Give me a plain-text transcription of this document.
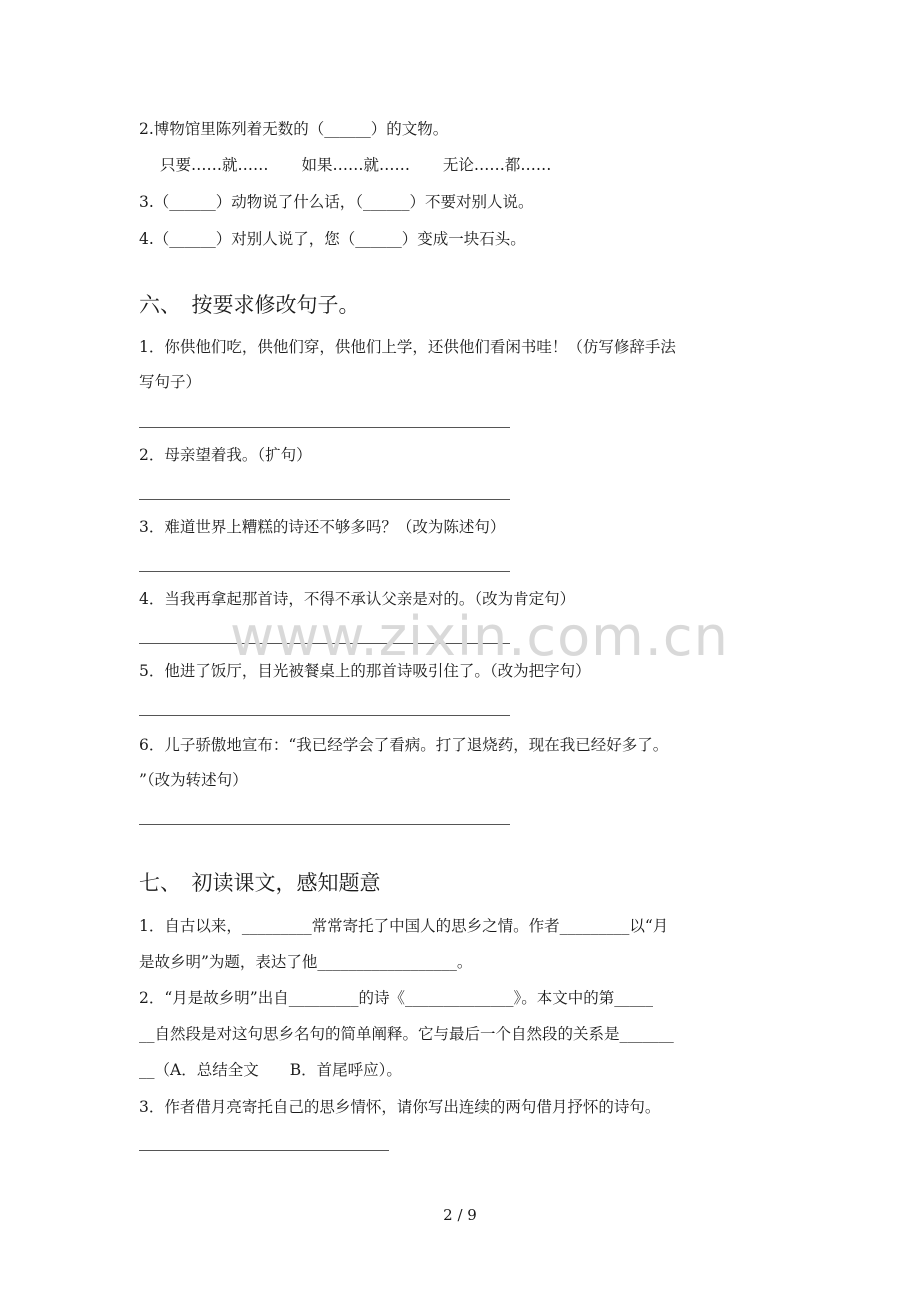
2.博物馆里陈列着无数的（______）的文物。
只要……就…… 如果……就…… 无论……都……
3.（______）动物说了什么话，（______）不要对别人说。
4.（______）对别人说了，您（______）变成一块石头。
六、　按要求修改句子。
1．你供他们吃，供他们穿，供他们上学，还供他们看闲书哇！（仿写修辞手法
写句子）
2．母亲望着我。（扩句）
3．难道世界上糟糕的诗还不够多吗？（改为陈述句）
4．当我再拿起那首诗，不得不承认父亲是对的。（改为肯定句）
5．他进了饭厅，目光被餐桌上的那首诗吸引住了。（改为把字句）
6．儿子骄傲地宣布：“我已经学会了看病。打了退烧药，现在我已经好多了。
”（改为转述句）
七、　初读课文，感知题意
1．自古以来，_________常常寄托了中国人的思乡之情。作者_________以“月
是故乡明”为题，表达了他__________________。
2．“月是故乡明”出自_________的诗《______________》。本文中的第_____
__自然段是对这句思乡名句的简单阐释。它与最后一个自然段的关系是_______
__（A．总结全文　　B．首尾呼应）。
3．作者借月亮寄托自己的思乡情怀，请你写出连续的两句借月抒怀的诗句。
www.zixin.com.cn
2 / 9
